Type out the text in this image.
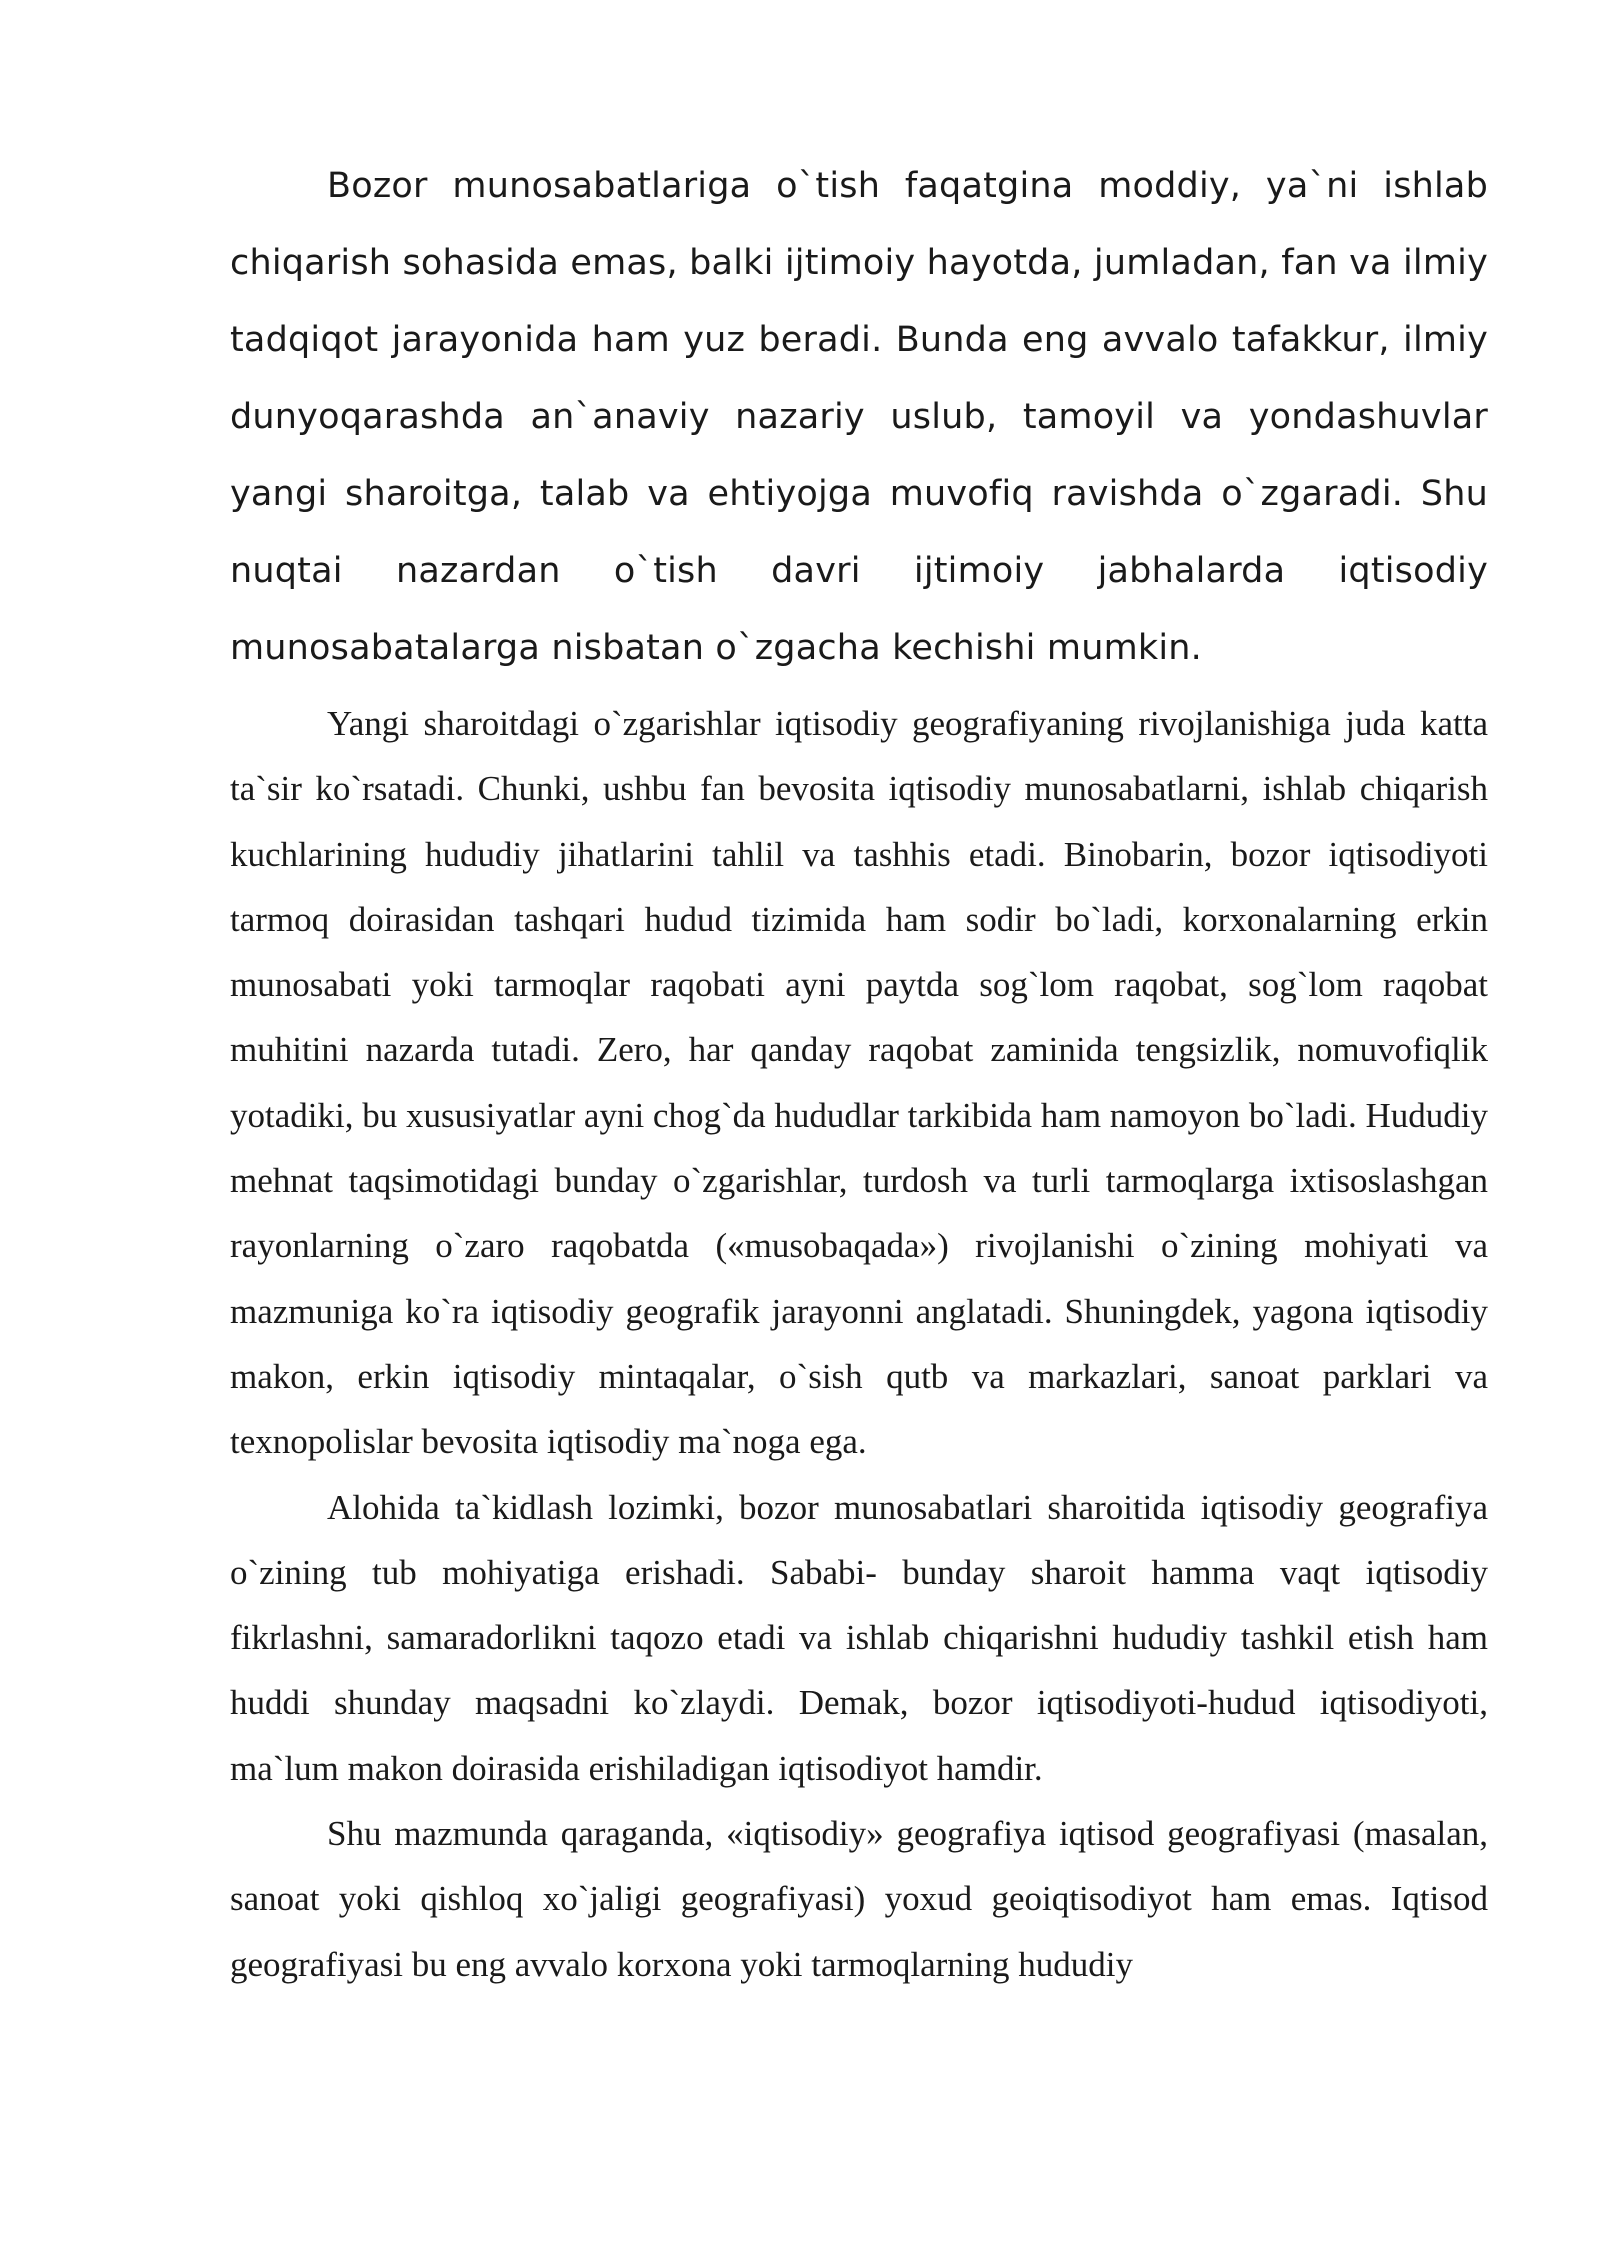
Bozor munosabatlariga o`tish faqatgina moddiy, ya`ni ishlab chiqarish sohasida emas, balki ijtimoiy hayotda, jumladan, fan va ilmiy tadqiqot jarayonida ham yuz beradi. Bunda eng avvalo tafakkur, ilmiy dunyoqarashda an`anaviy nazariy uslub, tamoyil va yondashuvlar yangi sharoitga, talab va ehtiyojga muvofiq ravishda o`zgaradi. Shu nuqtai nazardan o`tish davri ijtimoiy jabhalarda iqtisodiy munosabatalarga nisbatan o`zgacha kechishi mumkin.

Yangi sharoitdagi o`zgarishlar iqtisodiy geografiyaning rivojlanishiga juda katta ta`sir ko`rsatadi. Chunki, ushbu fan bevosita iqtisodiy munosabatlarni, ishlab chiqarish kuchlarining hududiy jihatlarini tahlil va tashhis etadi. Binobarin, bozor iqtisodiyoti tarmoq doirasidan tashqari hudud tizimida ham sodir bo`ladi, korxonalarning erkin munosabati yoki tarmoqlar raqobati ayni paytda sog`lom raqobat, sog`lom raqobat muhitini nazarda tutadi. Zero, har qanday raqobat zaminida tengsizlik, nomuvofiqlik yotadiki, bu xususiyatlar ayni chog`da hududlar tarkibida ham namoyon bo`ladi. Hududiy mehnat taqsimotidagi bunday o`zgarishlar, turdosh va turli tarmoqlarga ixtisoslashgan rayonlarning o`zaro raqobatda («musobaqada») rivojlanishi o`zining mohiyati va mazmuniga ko`ra iqtisodiy geografik jarayonni anglatadi. Shuningdek, yagona iqtisodiy makon, erkin iqtisodiy mintaqalar, o`sish qutb va markazlari, sanoat parklari va texnopolislar bevosita iqtisodiy ma`noga ega.

Alohida ta`kidlash lozimki, bozor munosabatlari sharoitida iqtisodiy geografiya o`zining tub mohiyatiga erishadi. Sababi- bunday sharoit hamma vaqt iqtisodiy fikrlashni, samaradorlikni taqozo etadi va ishlab chiqarishni hududiy tashkil etish ham huddi shunday maqsadni ko`zlaydi. Demak, bozor iqtisodiyoti-hudud iqtisodiyoti, ma`lum makon doirasida erishiladigan iqtisodiyot hamdir.

Shu mazmunda qaraganda, «iqtisodiy» geografiya iqtisod geografiyasi (masalan, sanoat yoki qishloq xo`jaligi geografiyasi) yoxud geoiqtisodiyot ham emas. Iqtisod geografiyasi bu eng avvalo korxona yoki tarmoqlarning hududiy
